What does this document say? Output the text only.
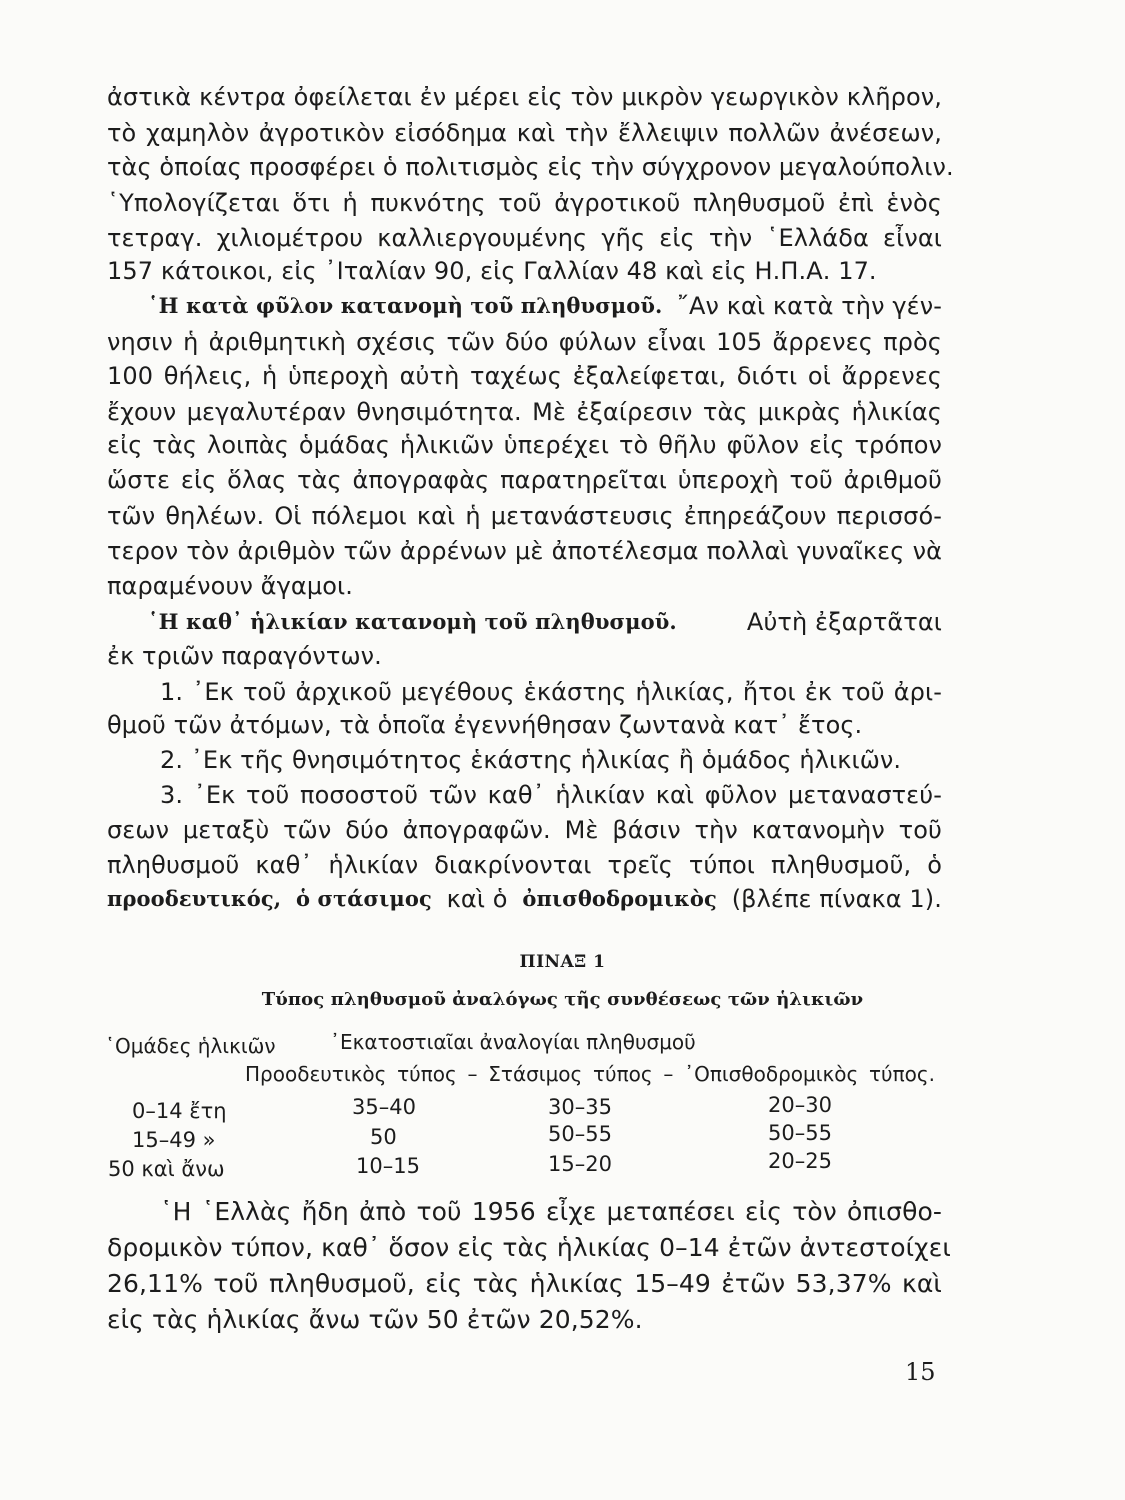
ἀστικὰ κέντρα ὀφείλεται ἐν μέρει εἰς τὸν μικρὸν γεωργικὸν κλῆρον,
τὸ χαμηλὸν ἀγροτικὸν εἰσόδημα καὶ τὴν ἔλλειψιν πολλῶν ἀνέσεων,
τὰς ὁποίας προσφέρει ὁ πολιτισμὸς εἰς τὴν σύγχρονον μεγαλούπολιν.
῾Υπολογίζεται ὅτι ἡ πυκνότης τοῦ ἀγροτικοῦ πληθυσμοῦ ἐπὶ ἑνὸς
τετραγ. χιλιομέτρου καλλιεργουμένης γῆς εἰς τὴν ῾Ελλάδα εἶναι
157 κάτοικοι, εἰς ᾿Ιταλίαν 90, εἰς Γαλλίαν 48 καὶ εἰς Η.Π.Α. 17.
῾Η κατὰ φῦλον κατανομὴ τοῦ πληθυσμοῦ. ῎Αν καὶ κατὰ τὴν γέν-
νησιν ἡ ἀριθμητικὴ σχέσις τῶν δύο φύλων εἶναι 105 ἄρρενες πρὸς
100 θήλεις, ἡ ὑπεροχὴ αὐτὴ ταχέως ἐξαλείφεται, διότι οἱ ἄρρενες
ἔχουν μεγαλυτέραν θνησιμότητα. Μὲ ἐξαίρεσιν τὰς μικρὰς ἡλικίας
εἰς τὰς λοιπὰς ὁμάδας ἡλικιῶν ὑπερέχει τὸ θῆλυ φῦλον εἰς τρόπον
ὥστε εἰς ὅλας τὰς ἀπογραφὰς παρατηρεῖται ὑπεροχὴ τοῦ ἀριθμοῦ
τῶν θηλέων. Οἱ πόλεμοι καὶ ἡ μετανάστευσις ἐπηρεάζουν περισσό-
τερον τὸν ἀριθμὸν τῶν ἀρρένων μὲ ἀποτέλεσμα πολλαὶ γυναῖκες νὰ
παραμένουν ἄγαμοι.
῾Η καθ᾿ ἡλικίαν κατανομὴ τοῦ πληθυσμοῦ.	Αὐτὴ ἐξαρτᾶται
ἐκ τριῶν παραγόντων.
1. ᾿Εκ τοῦ ἀρχικοῦ μεγέθους ἑκάστης ἡλικίας, ἤτοι ἐκ τοῦ ἀρι-
θμοῦ τῶν ἀτόμων, τὰ ὁποῖα ἐγεννήθησαν ζωντανὰ κατ᾿ ἔτος.
2. ᾿Εκ τῆς θνησιμότητος ἑκάστης ἡλικίας ἢ ὁμάδος ἡλικιῶν.
3. ᾿Εκ τοῦ ποσοστοῦ τῶν καθ᾿ ἡλικίαν καὶ φῦλον μεταναστεύ-
σεων μεταξὺ τῶν δύο ἀπογραφῶν. Μὲ βάσιν τὴν κατανομὴν τοῦ
πληθυσμοῦ καθ᾿ ἡλικίαν διακρίνονται τρεῖς τύποι πληθυσμοῦ, ὁ
προοδευτικός, ὁ στάσιμος καὶ ὁ ὀπισθοδρομικὸς (βλέπε πίνακα 1).
ΠΙΝΑΞ 1
Τύπος πληθυσμοῦ ἀναλόγως τῆς συνθέσεως τῶν ἡλικιῶν
῾Ομάδες ἡλικιῶν	᾿Εκατοστιαῖαι ἀναλογίαι πληθυσμοῦ
Προοδευτικὸς τύπος – Στάσιμος τύπος – ᾿Οπισθοδρομικὸς τύπος.
0–14 ἔτη	35–40	30–35	20–30
15–49 »	50	50–55	50–55
50 καὶ ἄνω	10–15	15–20	20–25
῾Η ῾Ελλὰς ἤδη ἀπὸ τοῦ 1956 εἶχε μεταπέσει εἰς τὸν ὀπισθο-
δρομικὸν τύπον, καθ᾿ ὅσον εἰς τὰς ἡλικίας 0–14 ἐτῶν ἀντεστοίχει
26,11% τοῦ πληθυσμοῦ, εἰς τὰς ἡλικίας 15–49 ἐτῶν 53,37% καὶ
εἰς τὰς ἡλικίας ἄνω τῶν 50 ἐτῶν 20,52%.
15
